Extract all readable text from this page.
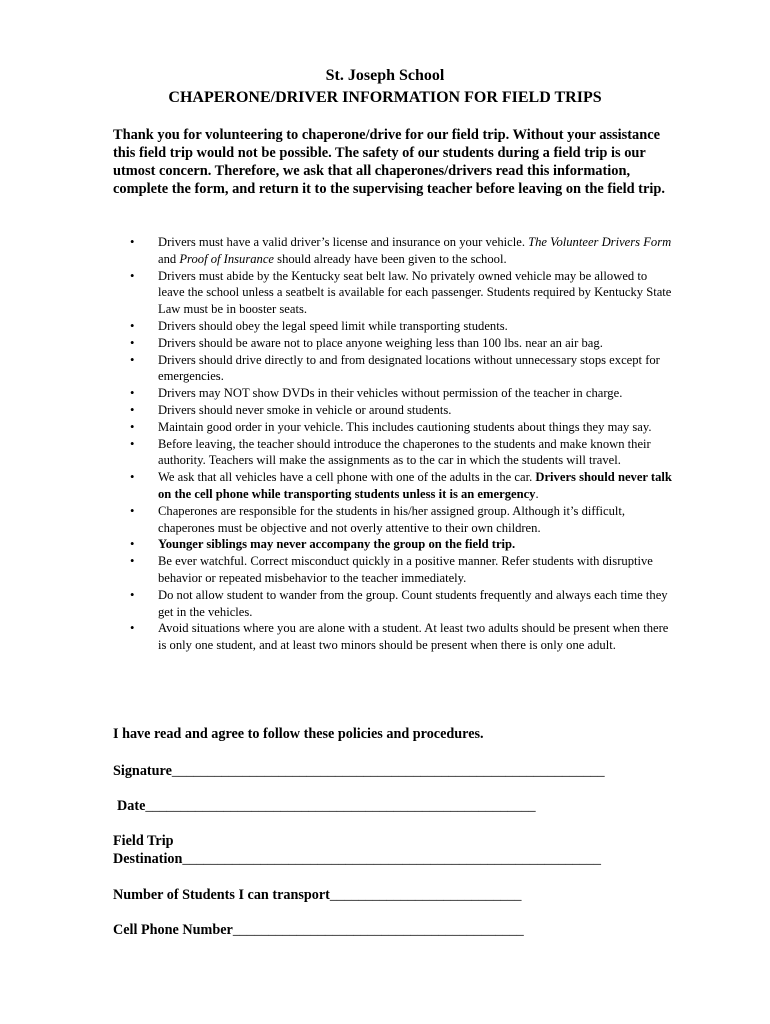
St. Joseph School
CHAPERONE/DRIVER INFORMATION FOR FIELD TRIPS

Thank you for volunteering to chaperone/drive for our field trip. Without your assistance this field trip would not be possible. The safety of our students during a field trip is our utmost concern. Therefore, we ask that all chaperones/drivers read this information, complete the form, and return it to the supervising teacher before leaving on the field trip.

• Drivers must have a valid driver’s license and insurance on your vehicle. The Volunteer Drivers Form and Proof of Insurance should already have been given to the school.
• Drivers must abide by the Kentucky seat belt law. No privately owned vehicle may be allowed to leave the school unless a seatbelt is available for each passenger. Students required by Kentucky State Law must be in booster seats.
• Drivers should obey the legal speed limit while transporting students.
• Drivers should be aware not to place anyone weighing less than 100 lbs. near an air bag.
• Drivers should drive directly to and from designated locations without unnecessary stops except for emergencies.
• Drivers may NOT show DVDs in their vehicles without permission of the teacher in charge.
• Drivers should never smoke in vehicle or around students.
• Maintain good order in your vehicle. This includes cautioning students about things they may say.
• Before leaving, the teacher should introduce the chaperones to the students and make known their authority. Teachers will make the assignments as to the car in which the students will travel.
• We ask that all vehicles have a cell phone with one of the adults in the car. Drivers should never talk on the cell phone while transporting students unless it is an emergency.
• Chaperones are responsible for the students in his/her assigned group. Although it’s difficult, chaperones must be objective and not overly attentive to their own children.
• Younger siblings may never accompany the group on the field trip.
• Be ever watchful. Correct misconduct quickly in a positive manner. Refer students with disruptive behavior or repeated misbehavior to the teacher immediately.
• Do not allow student to wander from the group. Count students frequently and always each time they get in the vehicles.
• Avoid situations where you are alone with a student. At least two adults should be present when there is only one student, and at least two minors should be present when there is only one adult.

I have read and agree to follow these policies and procedures.

Signature_____________________________________________________________
Date_______________________________________________________
Field Trip
Destination___________________________________________________________
Number of Students I can transport___________________________
Cell Phone Number_________________________________________
